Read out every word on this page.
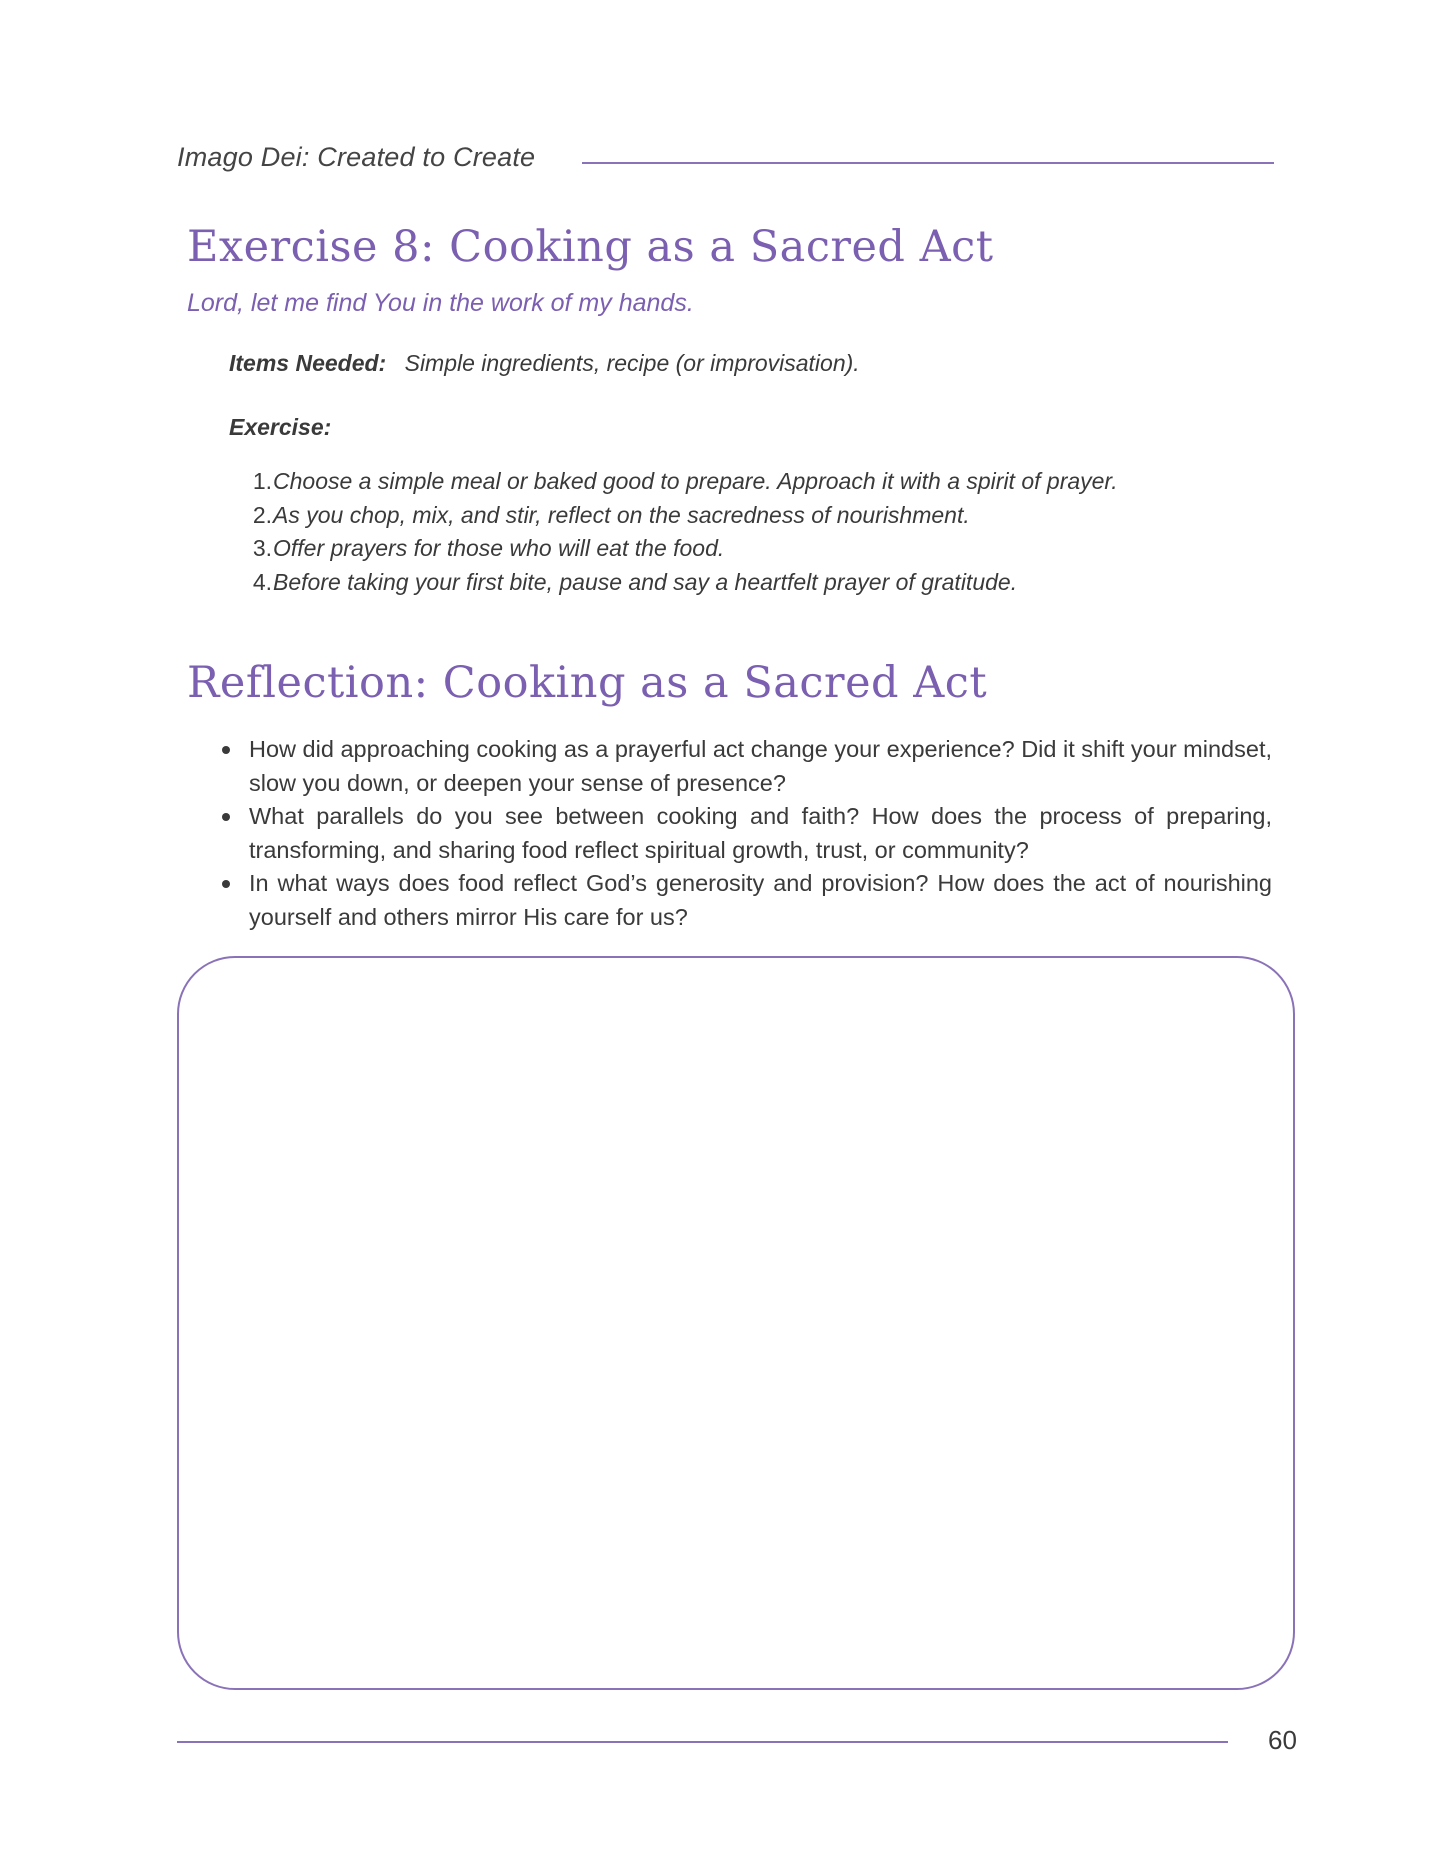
Imago Dei: Created to Create
Exercise 8: Cooking as a Sacred Act
Lord, let me find You in the work of my hands.
Items Needed: Simple ingredients, recipe (or improvisation).
Exercise:
1 . Choose a simple meal or baked good to prepare. Approach it with a spirit of prayer.
2 . As you chop, mix, and stir, reflect on the sacredness of nourishment.
3 . Offer prayers for those who will eat the food.
4 . Before taking your first bite, pause and say a heartfelt prayer of gratitude.
Reflection: Cooking as a Sacred Act
How did approaching cooking as a prayerful act change your experience? Did it shift your mindset, slow you down, or deepen your sense of presence?
What parallels do you see between cooking and faith? How does the process of preparing, transforming, and sharing food reflect spiritual growth, trust, or community?
In what ways does food reflect God’s generosity and provision? How does the act of nourishing yourself and others mirror His care for us?
60
